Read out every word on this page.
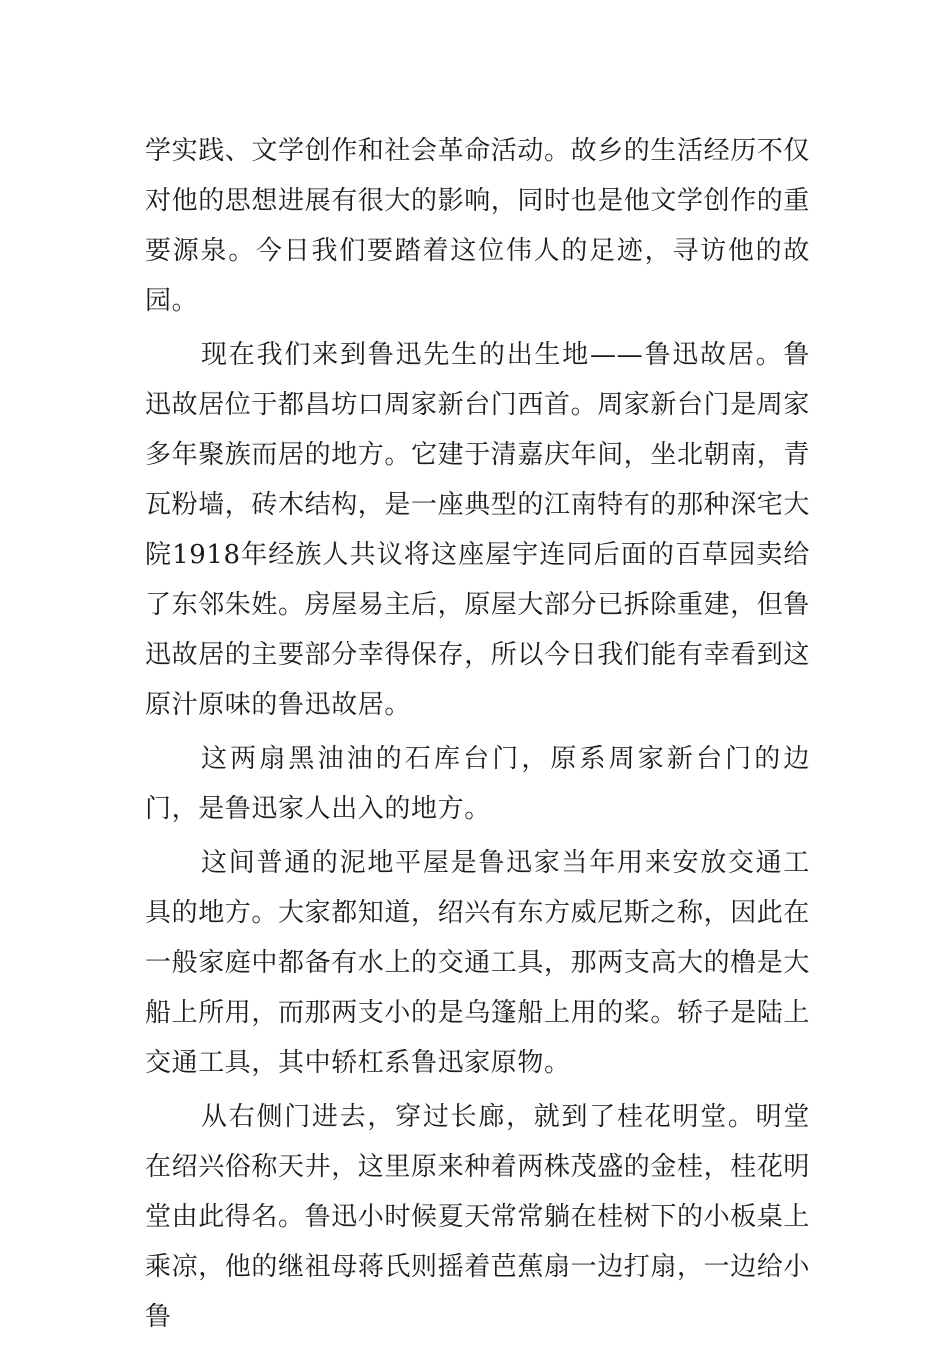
学实践、文学创作和社会革命活动。故乡的生活经历不仅对他的思想进展有很大的影响，同时也是他文学创作的重要源泉。今日我们要踏着这位伟人的足迹，寻访他的故园。

现在我们来到鲁迅先生的出生地——鲁迅故居。鲁迅故居位于都昌坊口周家新台门西首。周家新台门是周家多年聚族而居的地方。它建于清嘉庆年间，坐北朝南，青瓦粉墙，砖木结构，是一座典型的江南特有的那种深宅大院1918年经族人共议将这座屋宇连同后面的百草园卖给了东邻朱姓。房屋易主后，原屋大部分已拆除重建，但鲁迅故居的主要部分幸得保存，所以今日我们能有幸看到这原汁原味的鲁迅故居。

这两扇黑油油的石库台门，原系周家新台门的边门，是鲁迅家人出入的地方。

这间普通的泥地平屋是鲁迅家当年用来安放交通工具的地方。大家都知道，绍兴有东方威尼斯之称，因此在一般家庭中都备有水上的交通工具，那两支高大的橹是大船上所用，而那两支小的是乌篷船上用的桨。轿子是陆上交通工具，其中轿杠系鲁迅家原物。

从右侧门进去，穿过长廊，就到了桂花明堂。明堂在绍兴俗称天井，这里原来种着两株茂盛的金桂，桂花明堂由此得名。鲁迅小时候夏天常常躺在桂树下的小板桌上乘凉，他的继祖母蒋氏则摇着芭蕉扇一边打扇，一边给小鲁
